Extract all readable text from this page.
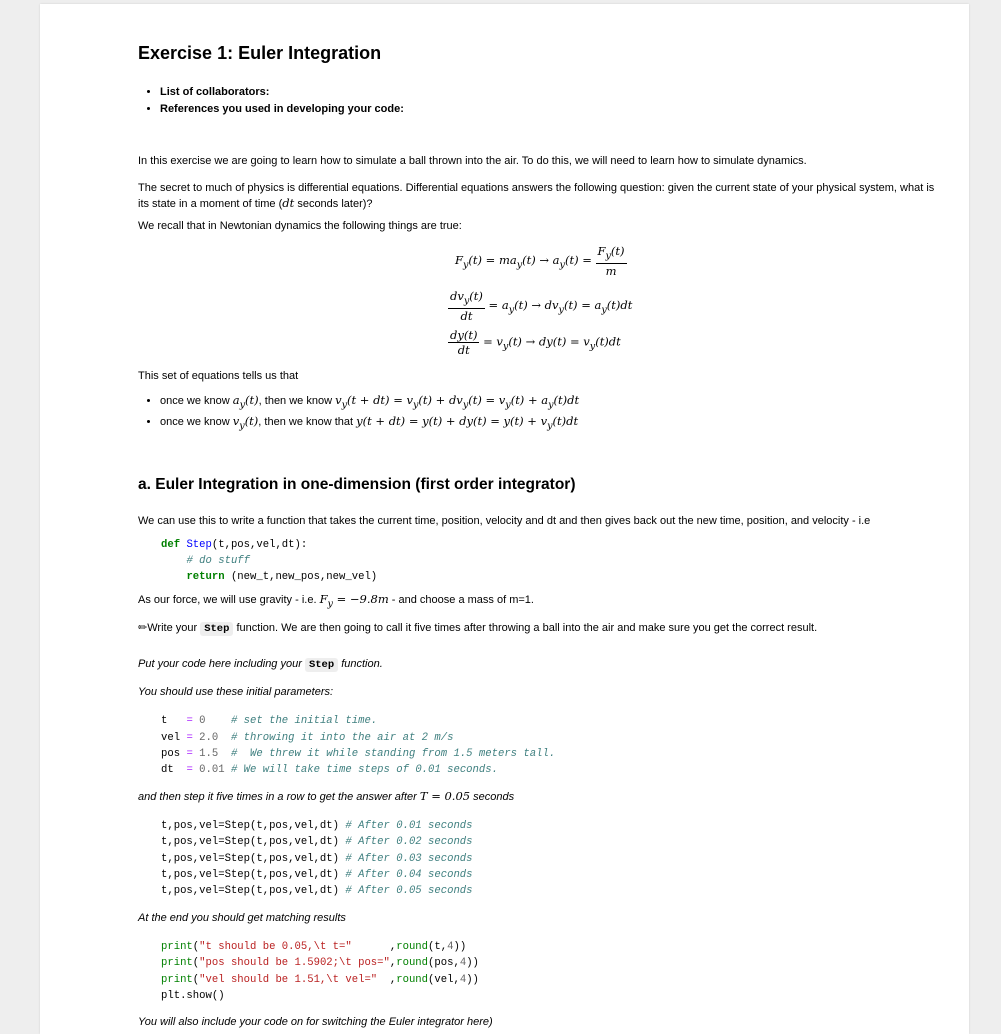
Exercise 1: Euler Integration
• List of collaborators:
• References you used in developing your code:

In this exercise we are going to learn how to simulate a ball thrown into the air. To do this, we will need to learn how to simulate dynamics.

The secret to much of physics is differential equations. Differential equations answers the following question: given the current state of your physical system, what is its state in a moment of time (dt seconds later)?

We recall that in Newtonian dynamics the following things are true:

$F_y(t) = ma_y(t) \to a_y(t) = \frac{F_y(t)}{m}$
$\frac{dv_y(t)}{dt} = a_y(t) \to dv_y(t) = a_y(t)dt$
$\frac{dy(t)}{dt} = v_y(t) \to dy(t) = v_y(t)dt$

This set of equations tells us that

• once we know $a_y(t)$, then we know $v_y(t + dt) = v_y(t) + dv_y(t) = v_y(t) + a_y(t)dt$
• once we know $v_y(t)$, then we know that $y(t + dt) = y(t) + dy(t) = y(t) + v_y(t)dt$
a. Euler Integration in one-dimension (first order integrator)

We can use this to write a function that takes the current time, position, velocity and dt and then gives back out the new time, position, and velocity - i.e

def Step(t,pos,vel,dt):
# do stuff
return (new_t,new_pos,new_vel)

As our force, we will use gravity - i.e. $F_y = -9.8m$ - and choose a mass of m=1.

✏Write your Step function. We are then going to call it five times after throwing a ball into the air and make sure you get the correct result.

Put your code here including your Step function.

You should use these initial parameters:

t   = 0    # set the initial time.
vel = 2.0  # throwing it into the air at 2 m/s
pos = 1.5  #  We threw it while standing from 1.5 meters tall.
dt  = 0.01 # We will take time steps of 0.01 seconds.

and then step it five times in a row to get the answer after T = 0.05 seconds

t,pos,vel=Step(t,pos,vel,dt) # After 0.01 seconds
t,pos,vel=Step(t,pos,vel,dt) # After 0.02 seconds
t,pos,vel=Step(t,pos,vel,dt) # After 0.03 seconds
t,pos,vel=Step(t,pos,vel,dt) # After 0.04 seconds
t,pos,vel=Step(t,pos,vel,dt) # After 0.05 seconds

At the end you should get matching results

print("t should be 0.05,\t t="      ,round(t,4))
print("pos should be 1.5902;\t pos=",round(pos,4))
print("vel should be 1.51,\t vel="  ,round(vel,4))
plt.show()

You will also include your code on for switching the Euler integrator here)
